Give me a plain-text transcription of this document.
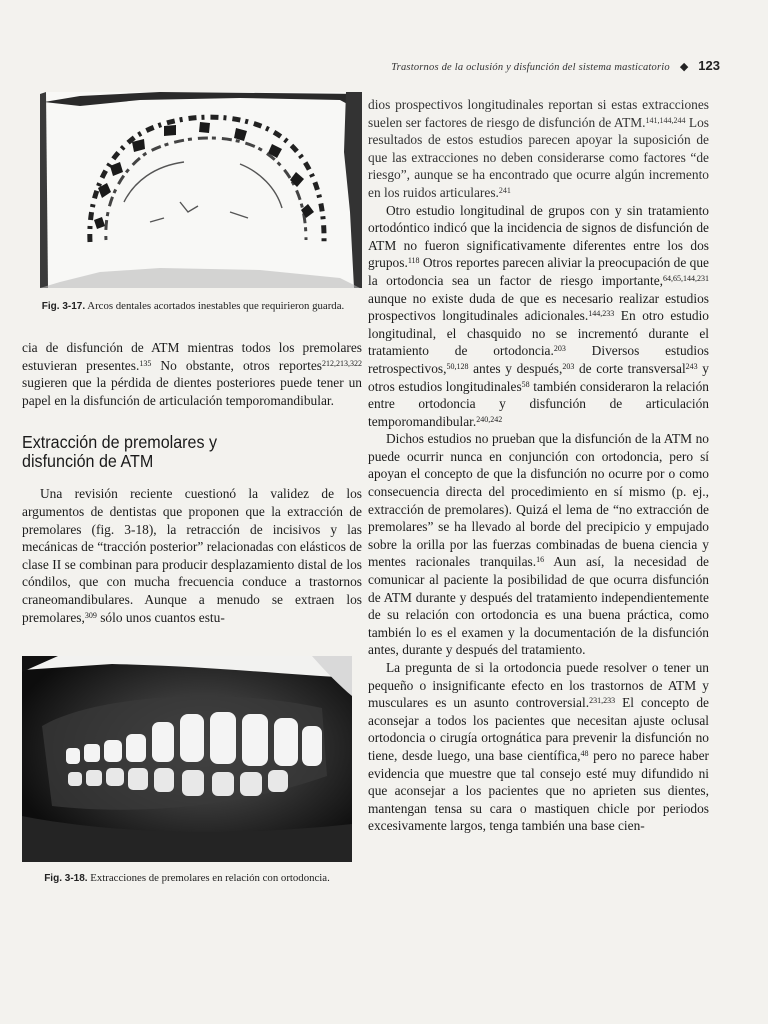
Trastornos de la oclusión y disfunción del sistema masticatorio ◆ 123
Fig. 3-17. Arcos dentales acortados inestables que requirieron guarda.

cia de disfunción de ATM mientras todos los premolares estuvieran presentes.$^{135}$ No obstante, otros reportes$^{212,213,322}$ sugieren que la pérdida de dientes posteriores puede tener un papel en la disfunción de articulación temporomandibular.

Extracción de premolares y
disfunción de ATM

Una revisión reciente cuestionó la validez de los argumentos de dentistas que proponen que la extracción de premolares (fig. 3-18), la retracción de incisivos y las mecánicas de “tracción posterior” relacionadas con elásticos de clase II se combinan para producir desplazamiento distal de los cóndilos, que con mucha frecuencia conduce a trastornos craneomandibulares. Aunque a menudo se extraen los premolares,$^{309}$ sólo unos cuantos estu-

Fig. 3-18. Extracciones de premolares en relación con ortodoncia.

dios prospectivos longitudinales reportan si estas extracciones suelen ser factores de riesgo de disfunción de ATM.$^{141,144,244}$ Los resultados de estos estudios parecen apoyar la suposición de que las extracciones no deben considerarse como factores “de riesgo”, aunque se ha encontrado que ocurre algún incremento en los ruidos articulares.$^{241}$

Otro estudio longitudinal de grupos con y sin tratamiento ortodóntico indicó que la incidencia de signos de disfunción de ATM no fueron significativamente diferentes entre los dos grupos.$^{118}$ Otros reportes parecen aliviar la preocupación de que la ortodoncia sea un factor de riesgo importante,$^{64,65,144,231}$ aunque no existe duda de que es necesario realizar estudios prospectivos longitudinales adicionales.$^{144,233}$ En otro estudio longitudinal, el chasquido no se incrementó durante el tratamiento de ortodoncia.$^{203}$ Diversos estudios retrospectivos,$^{50,128}$ antes y después,$^{203}$ de corte transversal$^{243}$ y otros estudios longitudinales$^{58}$ también consideraron la relación entre ortodoncia y disfunción de articulación temporomandibular.$^{240,242}$

Dichos estudios no prueban que la disfunción de la ATM no puede ocurrir nunca en conjunción con ortodoncia, pero sí apoyan el concepto de que la disfunción no ocurre por o como consecuencia directa del procedimiento en sí mismo (p. ej., extracción de premolares). Quizá el lema de “no extracción de premolares” se ha llevado al borde del precipicio y empujado sobre la orilla por las fuerzas combinadas de buena ciencia y mentes racionales tranquilas.$^{16}$ Aun así, la necesidad de comunicar al paciente la posibilidad de que ocurra disfunción de ATM durante y después del tratamiento independientemente de su relación con ortodoncia es una buena práctica, como también lo es el examen y la documentación de la disfunción antes, durante y después del tratamiento.

La pregunta de si la ortodoncia puede resolver o tener un pequeño o insignificante efecto en los trastornos de ATM y musculares es un asunto controversial.$^{231,233}$ El concepto de aconsejar a todos los pacientes que necesitan ajuste oclusal ortodoncia o cirugía ortognática para prevenir la disfunción no tiene, desde luego, una base científica,$^{48}$ pero no parece haber evidencia que muestre que tal consejo esté muy difundido ni que aconsejar a los pacientes que no aprieten sus dientes, mantengan tensa su cara o mastiquen chicle por periodos excesivamente largos, tenga también una base cien-
